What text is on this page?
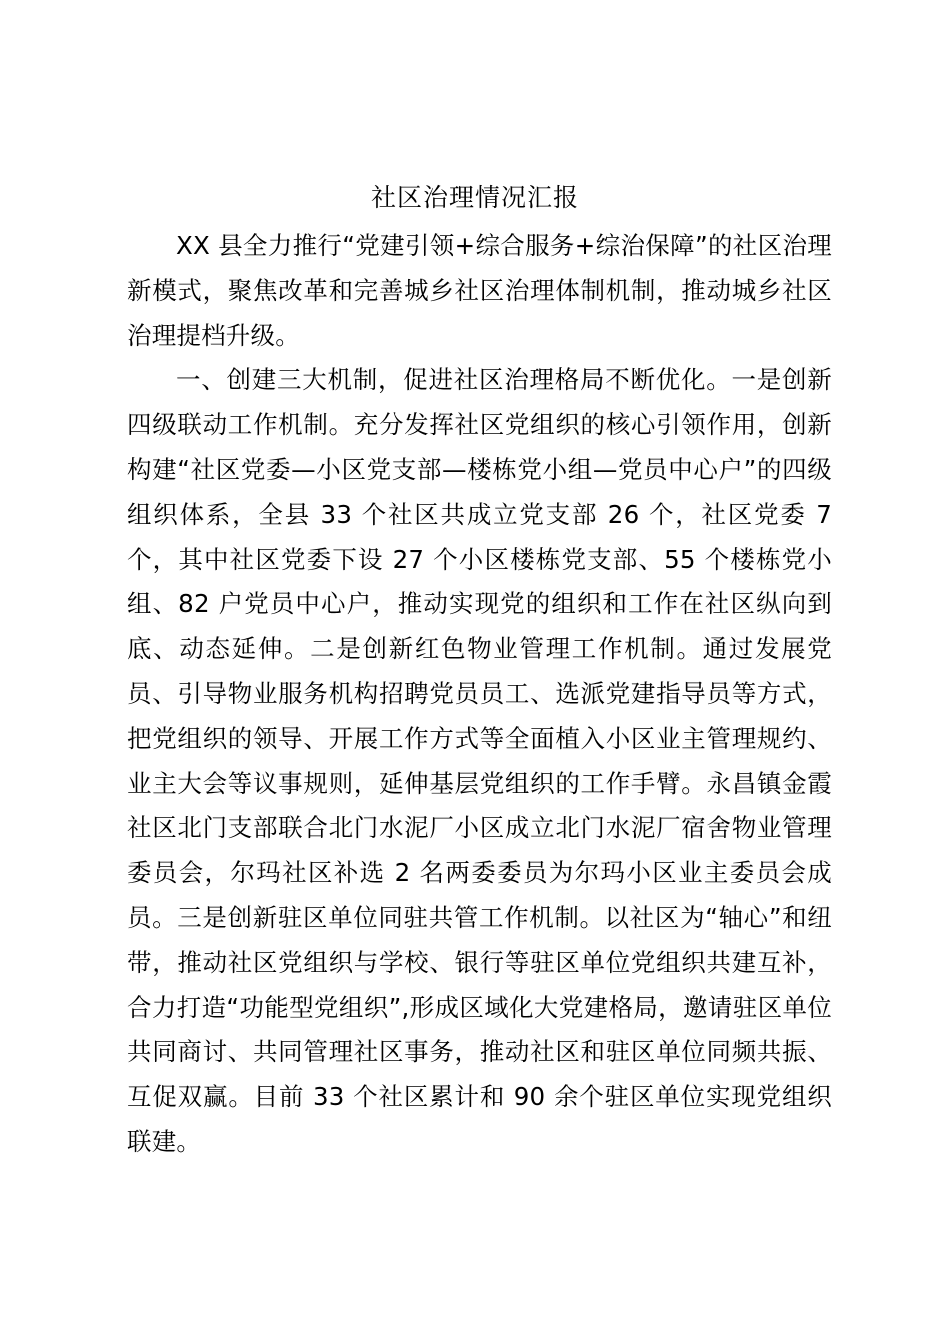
社区治理情况汇报

XX 县全力推行“党建引领+综合服务+综治保障”的社区治理新模式，聚焦改革和完善城乡社区治理体制机制，推动城乡社区治理提档升级。

一、创建三大机制，促进社区治理格局不断优化。一是创新四级联动工作机制。充分发挥社区党组织的核心引领作用，创新构建“社区党委—小区党支部—楼栋党小组—党员中心户”的四级组织体系，全县 33 个社区共成立党支部 26 个，社区党委 7 个，其中社区党委下设 27 个小区楼栋党支部、55 个楼栋党小组、82 户党员中心户，推动实现党的组织和工作在社区纵向到底、动态延伸。二是创新红色物业管理工作机制。通过发展党员、引导物业服务机构招聘党员员工、选派党建指导员等方式，把党组织的领导、开展工作方式等全面植入小区业主管理规约、业主大会等议事规则，延伸基层党组织的工作手臂。永昌镇金霞社区北门支部联合北门水泥厂小区成立北门水泥厂宿舍物业管理委员会，尔玛社区补选 2 名两委委员为尔玛小区业主委员会成员。三是创新驻区单位同驻共管工作机制。以社区为“轴心”和纽带，推动社区党组织与学校、银行等驻区单位党组织共建互补，合力打造“功能型党组织”,形成区域化大党建格局，邀请驻区单位共同商讨、共同管理社区事务，推动社区和驻区单位同频共振、互促双赢。目前 33 个社区累计和 90 余个驻区单位实现党组织联建。
